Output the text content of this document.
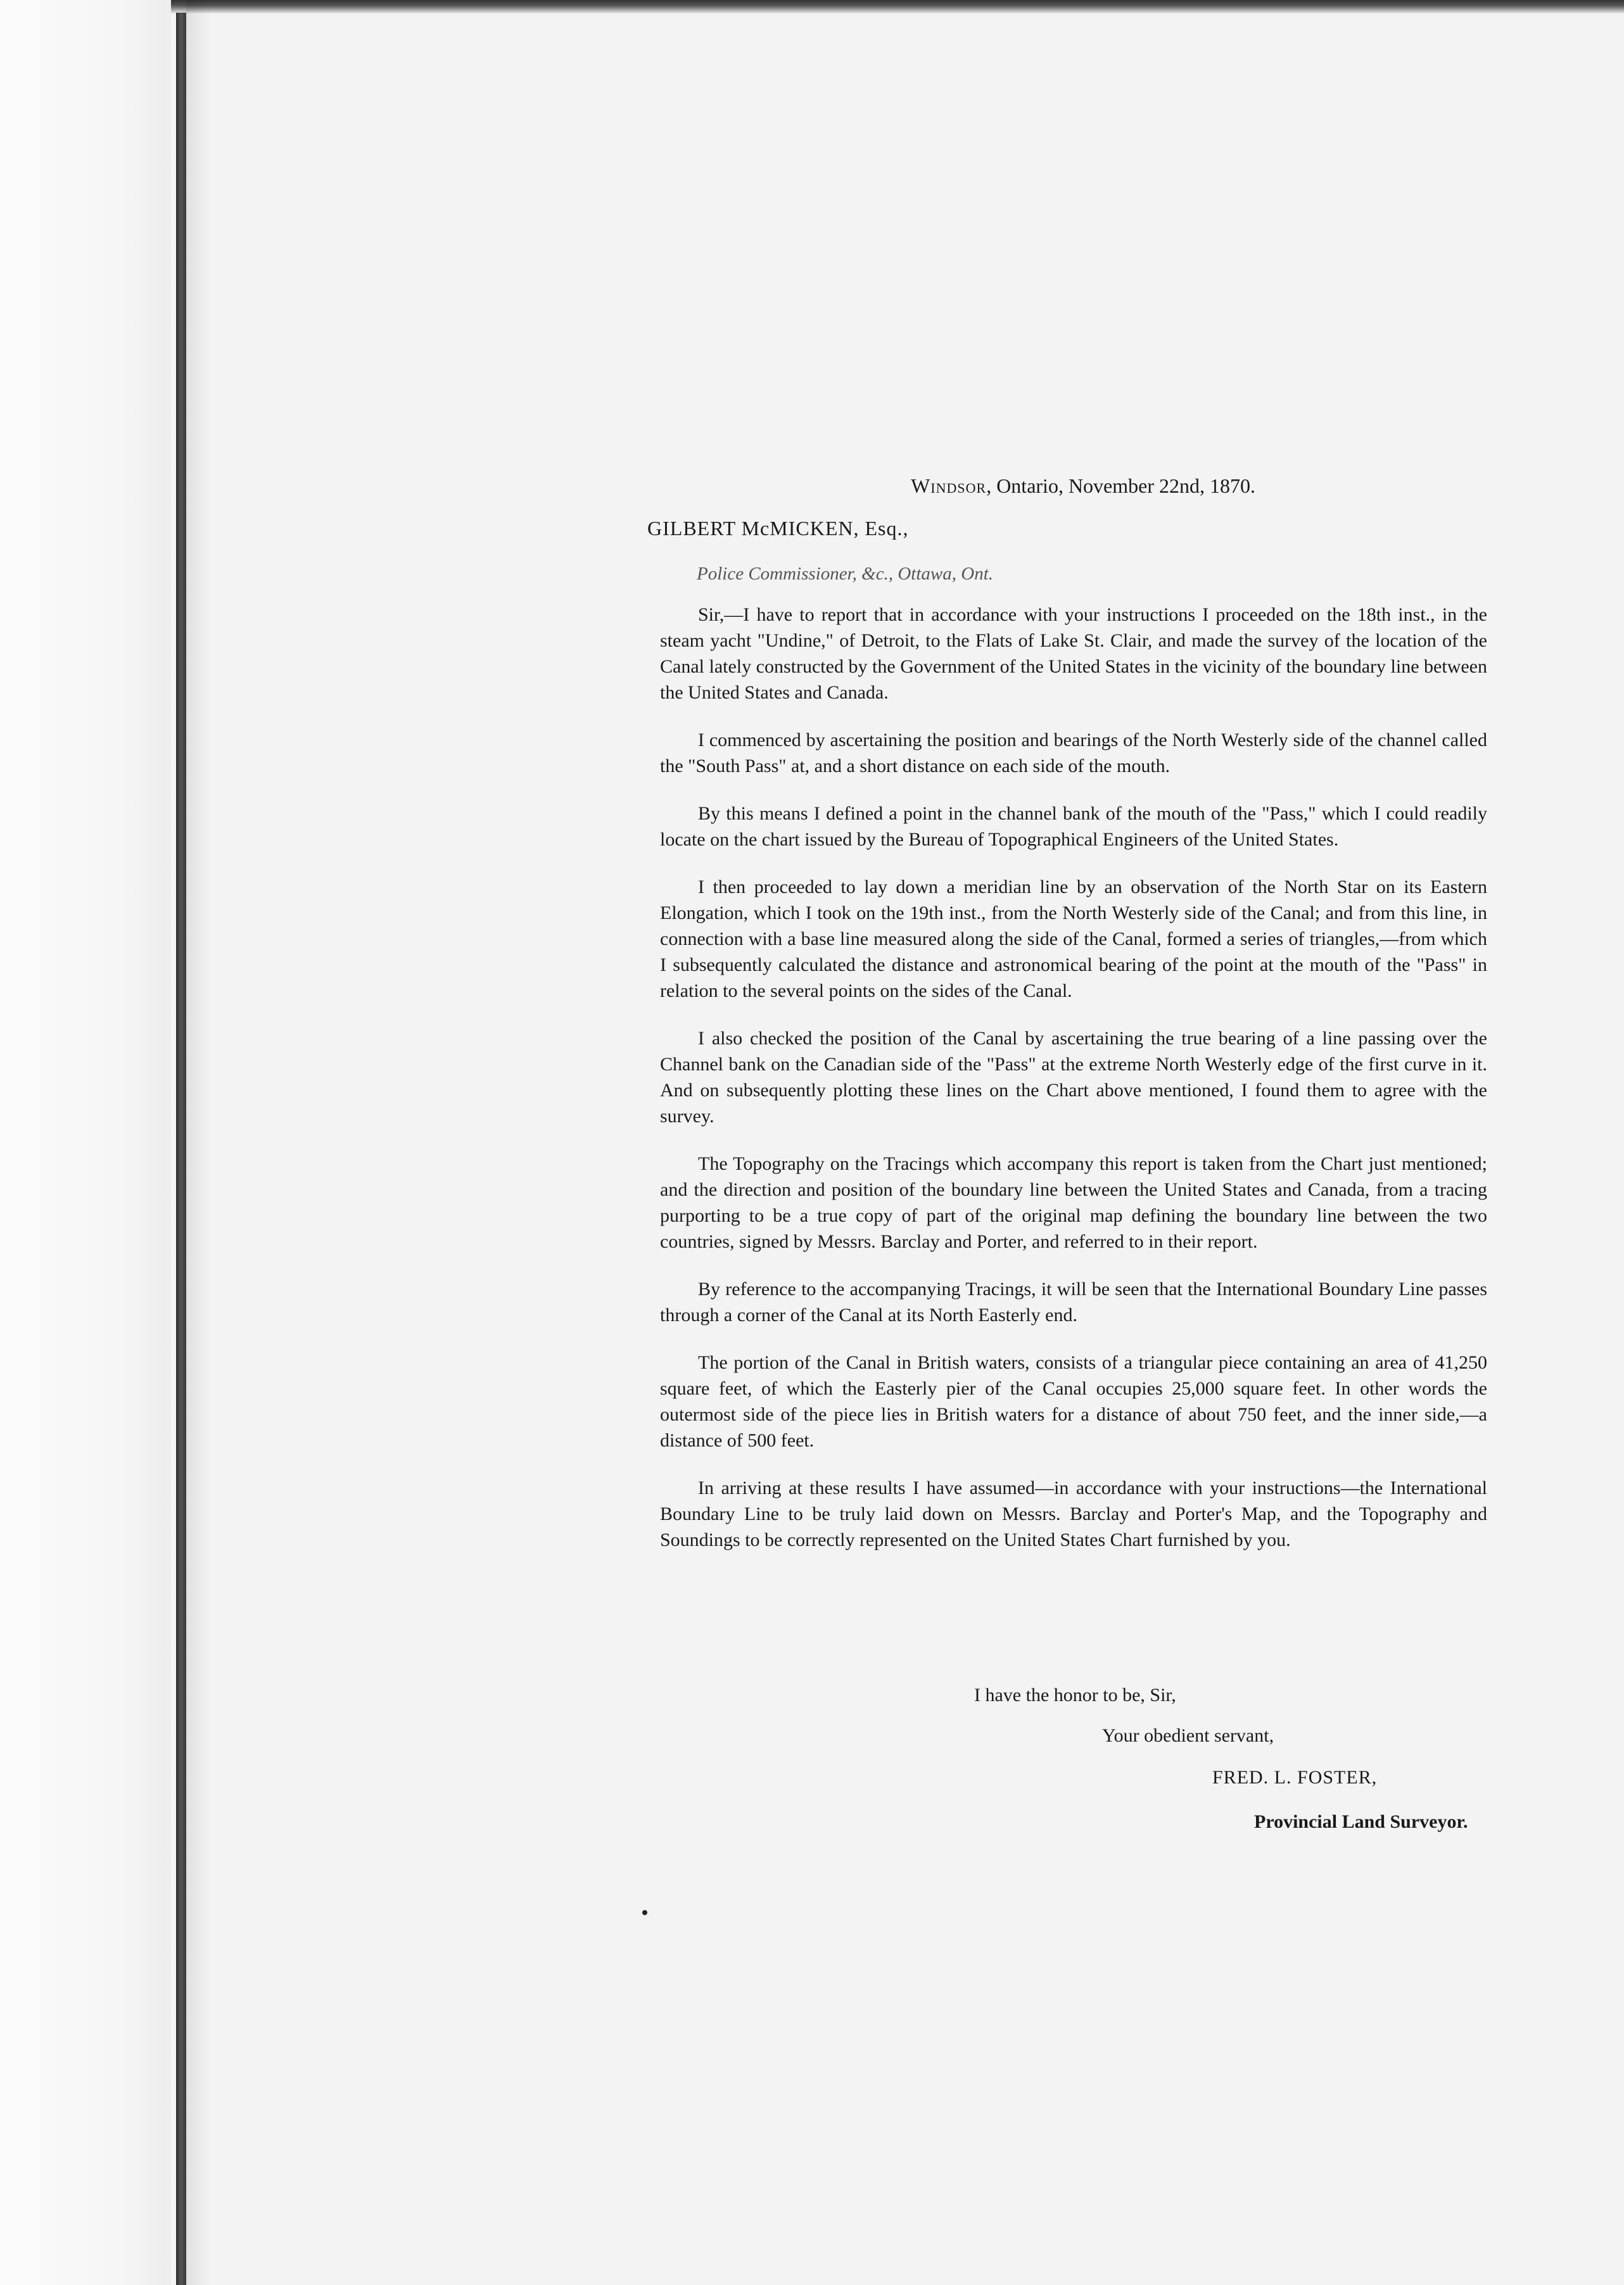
Windsor, Ontario, November 22nd, 1870.
GILBERT McMICKEN, Esq.,
Police Commissioner, &c., Ottawa, Ont.

Sir,—I have to report that in accordance with your instructions I proceeded on the 18th inst., in the steam yacht "Undine," of Detroit, to the Flats of Lake St. Clair, and made the survey of the location of the Canal lately constructed by the Government of the United States in the vicinity of the boundary line between the United States and Canada.

I commenced by ascertaining the position and bearings of the North Westerly side of the channel called the "South Pass" at, and a short distance on each side of the mouth.

By this means I defined a point in the channel bank of the mouth of the "Pass," which I could readily locate on the chart issued by the Bureau of Topographical Engineers of the United States.

I then proceeded to lay down a meridian line by an observation of the North Star on its Eastern Elongation, which I took on the 19th inst., from the North Westerly side of the Canal; and from this line, in connection with a base line measured along the side of the Canal, formed a series of triangles,—from which I subsequently calculated the distance and astronomical bearing of the point at the mouth of the "Pass" in relation to the several points on the sides of the Canal.

I also checked the position of the Canal by ascertaining the true bearing of a line passing over the Channel bank on the Canadian side of the "Pass" at the extreme North Westerly edge of the first curve in it. And on subsequently plotting these lines on the Chart above mentioned, I found them to agree with the survey.

The Topography on the Tracings which accompany this report is taken from the Chart just mentioned; and the direction and position of the boundary line between the United States and Canada, from a tracing purporting to be a true copy of part of the original map defining the boundary line between the two countries, signed by Messrs. Barclay and Porter, and referred to in their report.

By reference to the accompanying Tracings, it will be seen that the International Boundary Line passes through a corner of the Canal at its North Easterly end.

The portion of the Canal in British waters, consists of a triangular piece containing an area of 41,250 square feet, of which the Easterly pier of the Canal occupies 25,000 square feet. In other words the outermost side of the piece lies in British waters for a distance of about 750 feet, and the inner side,—a distance of 500 feet.

In arriving at these results I have assumed—in accordance with your instructions—the International Boundary Line to be truly laid down on Messrs. Barclay and Porter's Map, and the Topography and Soundings to be correctly represented on the United States Chart furnished by you.

I have the honor to be, Sir,
Your obedient servant,
FRED. L. FOSTER,
Provincial Land Surveyor.
